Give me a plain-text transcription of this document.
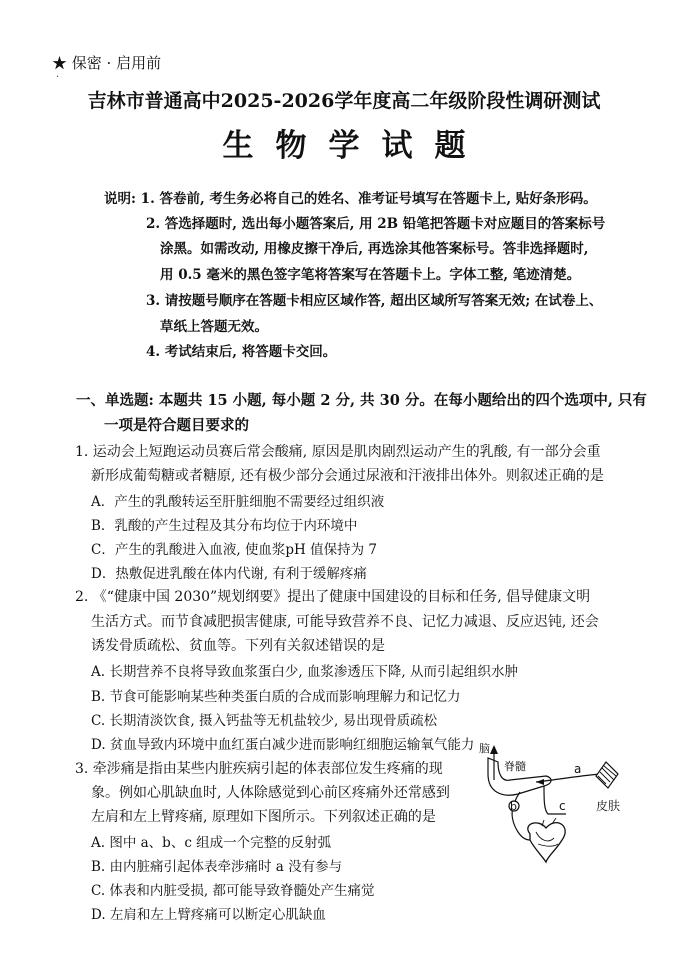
★ 保密 · 启用前
·
吉林市普通高中2025-2026学年度高二年级阶段性调研测试
生物学试题
说明: 1. 答卷前, 考生务必将自己的姓名、准考证号填写在答题卡上, 贴好条形码。
2. 答选择题时, 选出每小题答案后, 用 2B 铅笔把答题卡对应题目的答案标号
涂黑。如需改动, 用橡皮擦干净后, 再选涂其他答案标号。答非选择题时,
用 0.5 毫米的黑色签字笔将答案写在答题卡上。字体工整, 笔迹清楚。
3. 请按题号顺序在答题卡相应区域作答, 超出区域所写答案无效; 在试卷上、
草纸上答题无效。
4. 考试结束后, 将答题卡交回。
一、单选题: 本题共 15 小题, 每小题 2 分, 共 30 分。在每小题给出的四个选项中, 只有
一项是符合题目要求的
1. 运动会上短跑运动员赛后常会酸痛, 原因是肌肉剧烈运动产生的乳酸, 有一部分会重
新形成葡萄糖或者糖原, 还有极少部分会通过尿液和汗液排出体外。则叙述正确的是
A．产生的乳酸转运至肝脏细胞不需要经过组织液
B．乳酸的产生过程及其分布均位于内环境中
C．产生的乳酸进入血液, 使血浆pH 值保持为 7
D．热敷促进乳酸在体内代谢, 有利于缓解疼痛
2. 《“健康中国 2030”规划纲要》提出了健康中国建设的目标和任务, 倡导健康文明
生活方式。而节食减肥损害健康, 可能导致营养不良、记忆力减退、反应迟钝, 还会
诱发骨质疏松、贫血等。下列有关叙述错误的是
A. 长期营养不良将导致血浆蛋白少, 血浆渗透压下降, 从而引起组织水肿
B. 节食可能影响某些种类蛋白质的合成而影响理解力和记忆力
C. 长期清淡饮食, 摄入钙盐等无机盐较少, 易出现骨质疏松
D. 贫血导致内环境中血红蛋白减少进而影响红细胞运输氧气能力
3. 牵涉痛是指由某些内脏疾病引起的体表部位发生疼痛的现
象。例如心肌缺血时, 人体除感觉到心前区疼痛外还常感到
左肩和左上臂疼痛, 原理如下图所示。下列叙述正确的是
A. 图中 a、b、c 组成一个完整的反射弧
B. 由内脏痛引起体表牵涉痛时 a 没有参与
C. 体表和内脏受损, 都可能导致脊髓处产生痛觉
D. 左肩和左上臂疼痛可以断定心肌缺血
脑
脊髓
皮肤
a
b	c
